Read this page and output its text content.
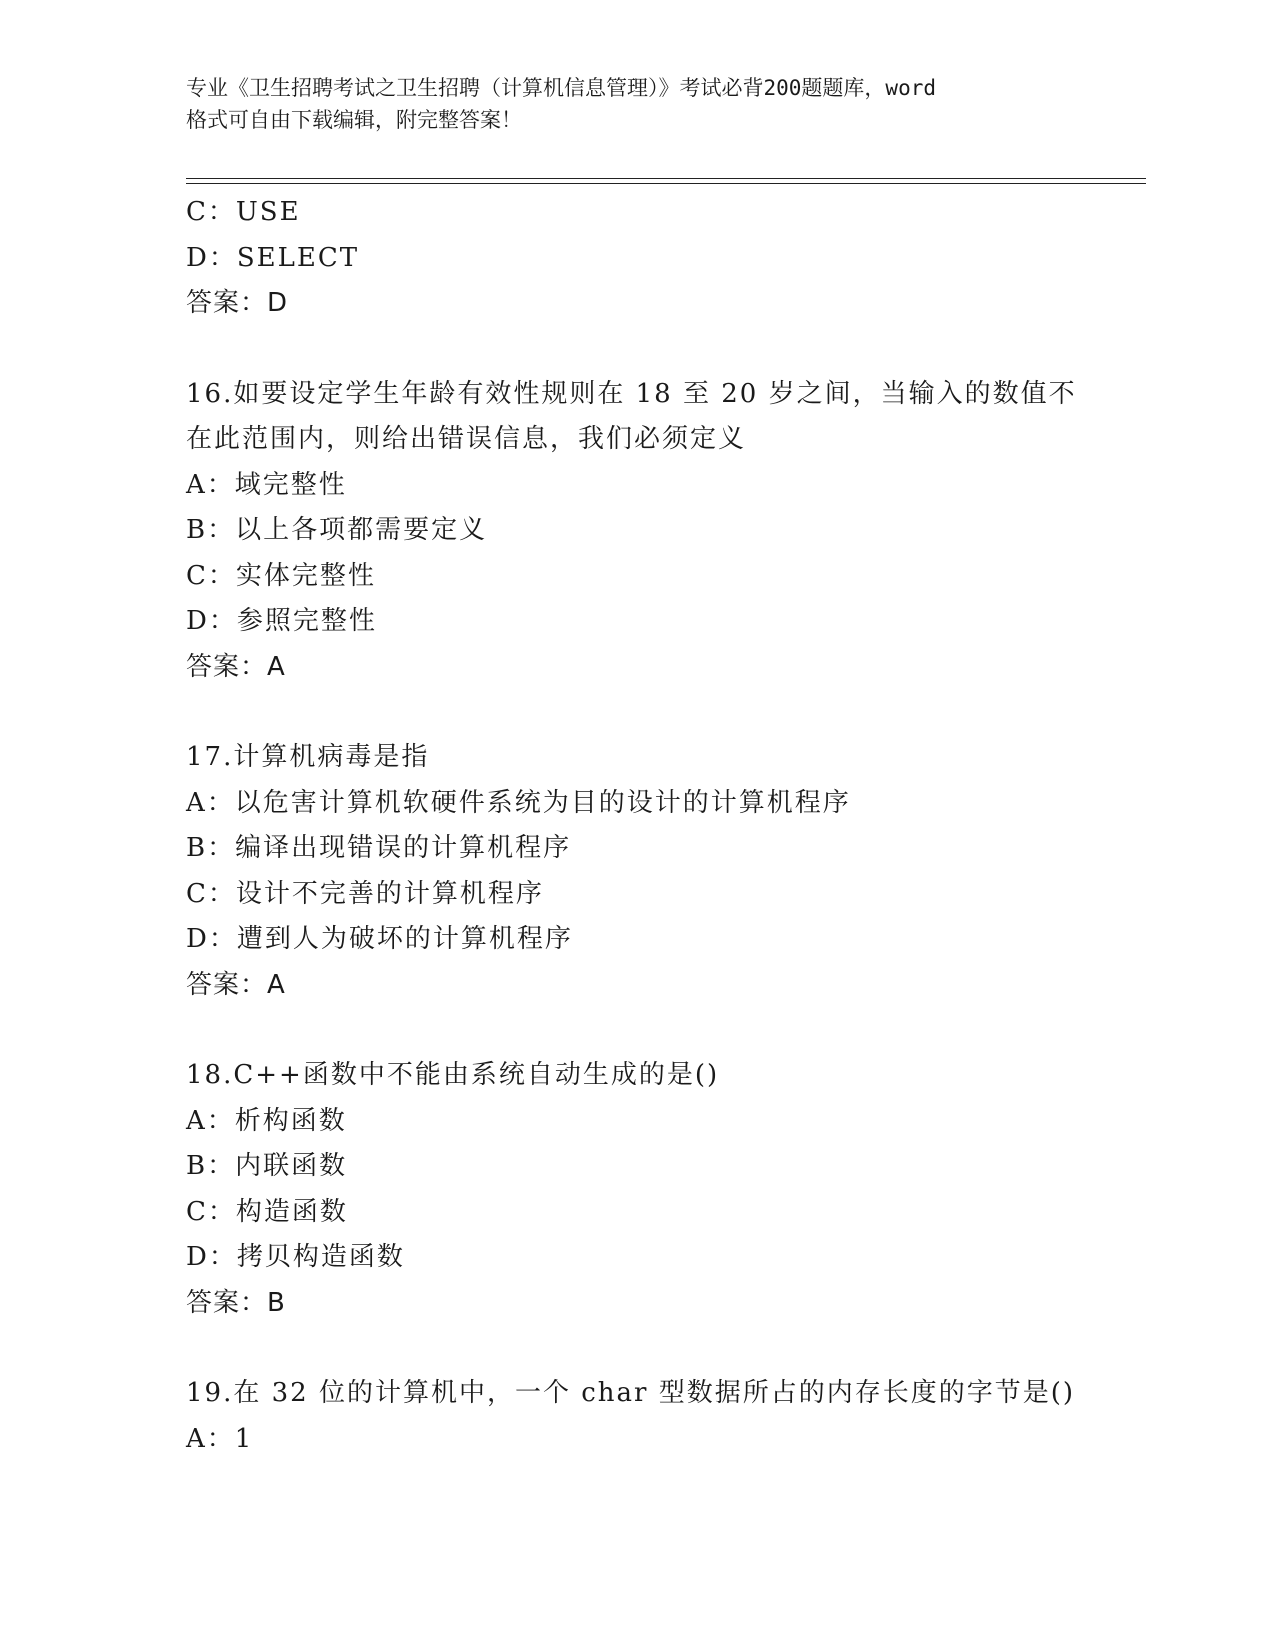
专业《卫生招聘考试之卫生招聘（计算机信息管理）》考试必背200题题库，word
格式可自由下载编辑，附完整答案！
C：USE
D：SELECT
答案：D
16.如要设定学生年龄有效性规则在 18 至 20 岁之间，当输入的数值不
在此范围内，则给出错误信息，我们必须定义
A：域完整性
B：以上各项都需要定义
C：实体完整性
D：参照完整性
答案：A
17.计算机病毒是指
A：以危害计算机软硬件系统为目的设计的计算机程序
B：编译出现错误的计算机程序
C：设计不完善的计算机程序
D：遭到人为破坏的计算机程序
答案：A
18.C++函数中不能由系统自动生成的是()
A：析构函数
B：内联函数
C：构造函数
D：拷贝构造函数
答案：B
19.在 32 位的计算机中，一个 char 型数据所占的内存长度的字节是()
A：1
